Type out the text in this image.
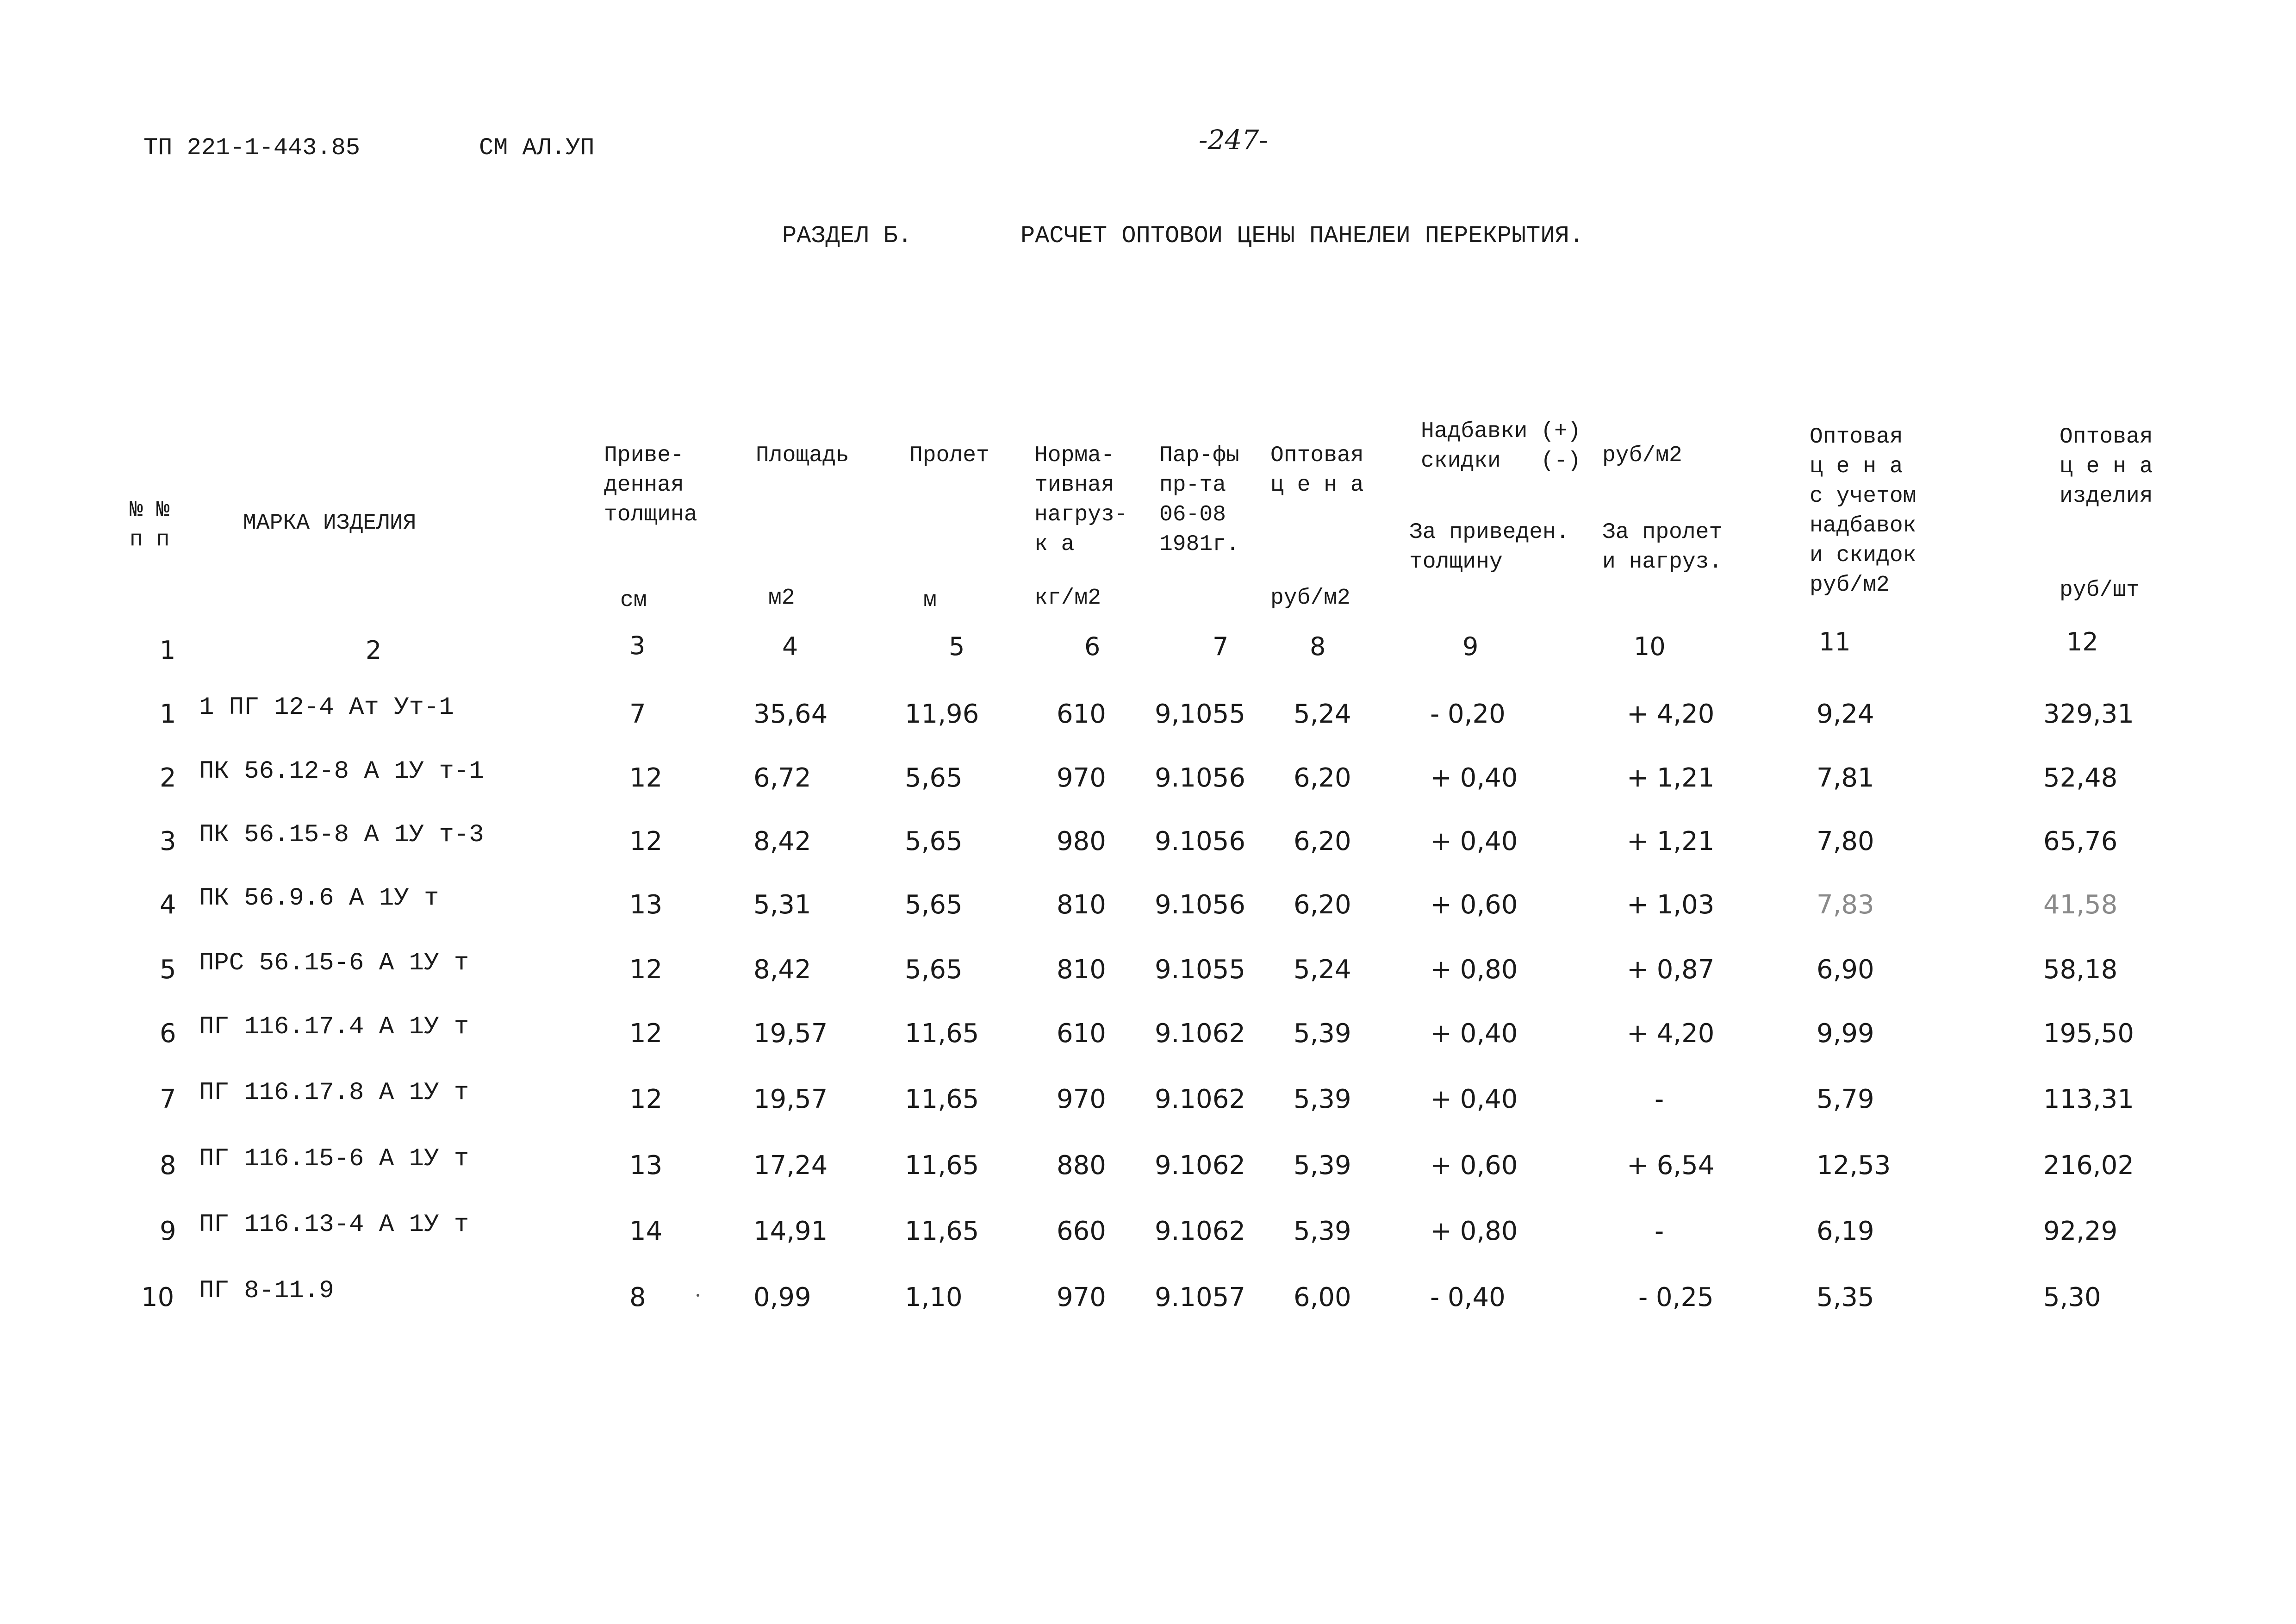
ТП 221-1-443.85	СМ АЛ.УП	-247-
РАЗДЕЛ Б.	РАСЧЕТ ОПТОВОИ ЦЕНЫ ПАНЕЛЕИ ПЕРЕКРЫТИЯ.
№ №
п п
МАРКА ИЗДЕЛИЯ
Приве-
денная
толщина
см
Площадь
м2
Пролет
м
Норма-
тивная
нагруз-
к а
кг/м2
Пар-фы
пр-та
06-08
1981г.
Оптовая
ц е н а
руб/м2
Надбавки (+)
скидки   (-) руб/м2
За приведен.
толщину
За пролет
и нагруз.
Оптовая
ц е н а
с учетом
надбавок
и скидок
руб/м2
Оптовая
ц е н а
изделия
руб/шт
1	2	3	4	5	6	7	8	9	10	11	12
1 1 ПГ 12-4 Ат Ут-1	7	35,64	11,96	610 9,1055 5,24	- 0,20	+ 4,20	9,24	329,31
2 ПК 56.12-8 А 1У т-1	12	6,72	5,65	970 9.1056 6,20	+ 0,40	+ 1,21	7,81	52,48
3 ПК 56.15-8 А 1У т-3	12	8,42	5,65	980 9.1056 6,20	+ 0,40	+ 1,21	7,80	65,76
4 ПК 56.9.6 А 1У т	13	5,31	5,65	810 9.1056 6,20	+ 0,60	+ 1,03	7,83	41,58
5 ПРС 56.15-6 А 1У т	12	8,42	5,65	810 9.1055 5,24	+ 0,80	+ 0,87	6,90	58,18
6 ПГ 116.17.4 А 1У т	12	19,57	11,65	610 9.1062 5,39	+ 0,40	+ 4,20	9,99	195,50
7 ПГ 116.17.8 А 1У т	12	19,57	11,65	970 9.1062 5,39	+ 0,40	-	5,79	113,31
8 ПГ 116.15-6 А 1У т	13	17,24	11,65	880 9.1062 5,39	+ 0,60	+ 6,54	12,53	216,02
9 ПГ 116.13-4 А 1У т	14	14,91	11,65	660 9.1062 5,39	+ 0,80	-	6,19	92,29
10 ПГ 8-11.9	8	0,99	1,10	970 9.1057 6,00	- 0,40	- 0,25	5,35	5,30
